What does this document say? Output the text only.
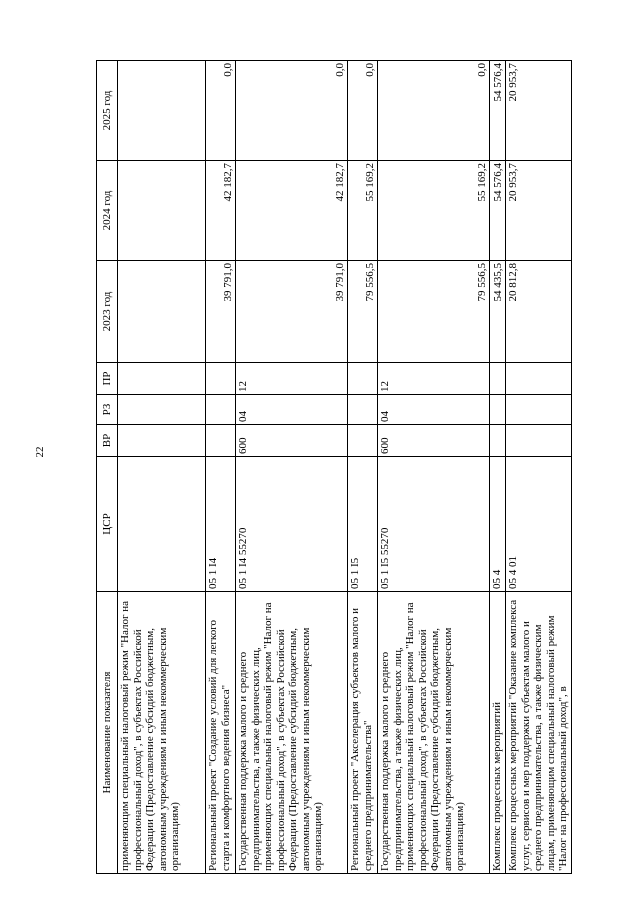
22
Наименование показателя	ЦСР	ВР	РЗ	ПР	2023 год	2024 год	2025 год
применяющим специальный налоговый режим "Налог на профессиональный доход", в субъектах Российской Федерации (Предоставление субсидий бюджетным, автономным учреждениям и иным некоммерческим организациям)							
Региональный проект "Создание условий для легкого старта и комфортного ведения бизнеса"	05 1 I4				39 791,0	42 182,7	0,0
Государственная поддержка малого и среднего предпринимательства, а также физических лиц, применяющих специальный налоговый режим "Налог на профессиональный доход", в субъектах Российской Федерации (Предоставление субсидий бюджетным, автономным учреждениям и иным некоммерческим организациям)	05 1 I4 55270	600	04	12	39 791,0	42 182,7	0,0
Региональный проект "Акселерация субъектов малого и среднего предпринимательства"	05 1 I5				79 556,5	55 169,2	0,0
Государственная поддержка малого и среднего предпринимательства, а также физических лиц, применяющих специальный налоговый режим "Налог на профессиональный доход", в субъектах Российской Федерации (Предоставление субсидий бюджетным, автономным учреждениям и иным некоммерческим организациям)	05 1 I5 55270	600	04	12	79 556,5	55 169,2	0,0
Комплекс процессных мероприятий	05 4				54 435,5	54 576,4	54 576,4
Комплекс процессных мероприятий "Оказание комплекса услуг, сервисов и мер поддержки субъектам малого и среднего предпринимательства, а также физическим лицам, применяющим специальный налоговый режим "Налог на профессиональный доход", в	05 4 01				20 812,8	20 953,7	20 953,7
